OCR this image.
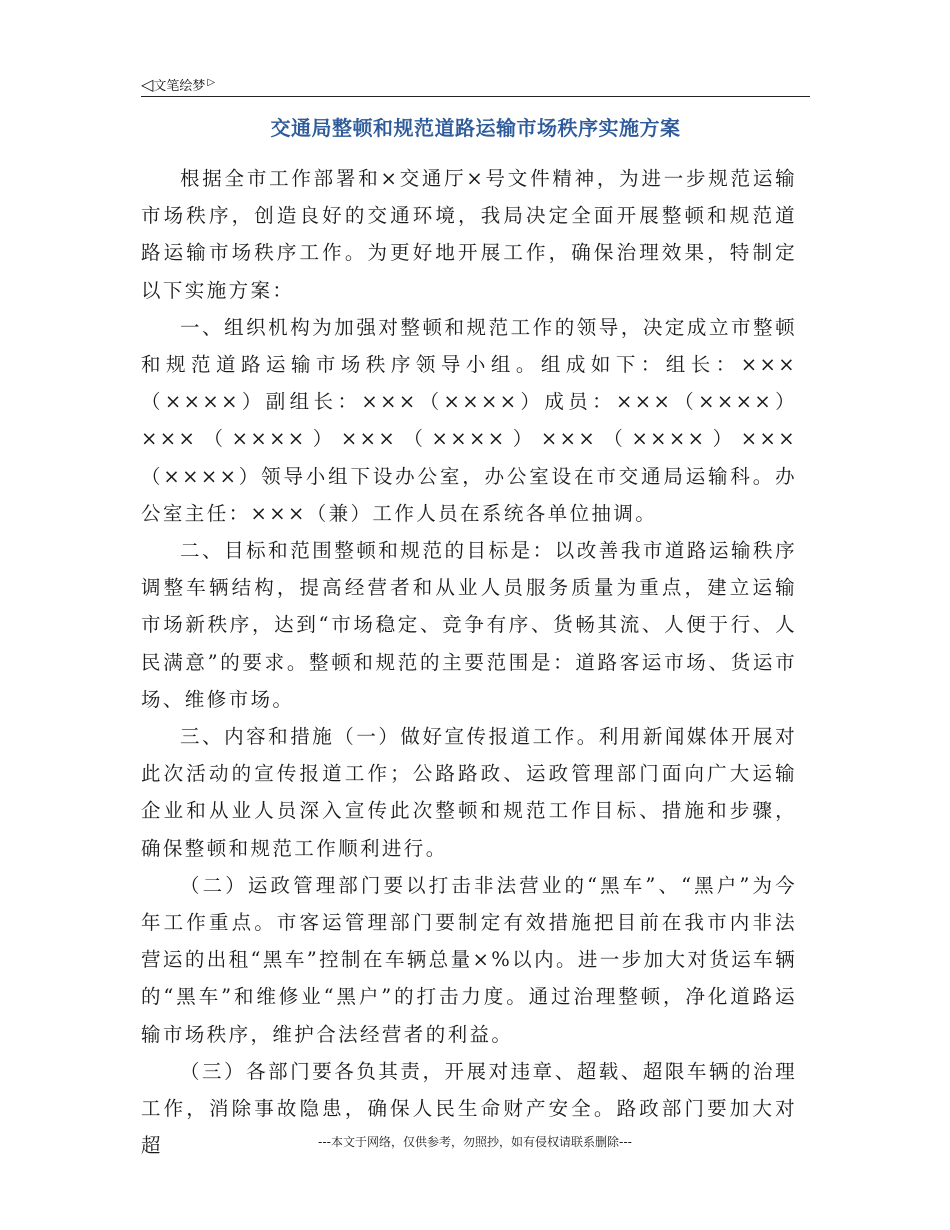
◁文笔绘梦 ▷
交通局整顿和规范道路运输市场秩序实施方案

根据全市工作部署和×交通厅×号文件精神，为进一步规范运输市场秩序，创造良好的交通环境，我局决定全面开展整顿和规范道路运输市场秩序工作。为更好地开展工作，确保治理效果，特制定以下实施方案：

一、组织机构为加强对整顿和规范工作的领导，决定成立市整顿和规范道路运输市场秩序领导小组。组成如下：组长：×××（××××）副组长：×××（××××）成员：×××（××××）×××（××××）×××（××××）×××（××××）×××（××××）领导小组下设办公室，办公室设在市交通局运输科。办公室主任：×××（兼）工作人员在系统各单位抽调。

二、目标和范围整顿和规范的目标是：以改善我市道路运输秩序调整车辆结构，提高经营者和从业人员服务质量为重点，建立运输市场新秩序，达到“市场稳定、竞争有序、货畅其流、人便于行、人民满意”的要求。整顿和规范的主要范围是：道路客运市场、货运市场、维修市场。

三、内容和措施（一）做好宣传报道工作。利用新闻媒体开展对此次活动的宣传报道工作；公路路政、运政管理部门面向广大运输企业和从业人员深入宣传此次整顿和规范工作目标、措施和步骤，确保整顿和规范工作顺利进行。

（二）运政管理部门要以打击非法营业的“黑车”、“黑户”为今年工作重点。市客运管理部门要制定有效措施把目前在我市内非法营运的出租“黑车”控制在车辆总量×%以内。进一步加大对货运车辆的“黑车”和维修业“黑户”的打击力度。通过治理整顿，净化道路运输市场秩序，维护合法经营者的利益。

（三）各部门要各负其责，开展对违章、超载、超限车辆的治理工作，消除事故隐患，确保人民生命财产安全。路政部门要加大对超	---本文于网络，仅供参考，勿照抄，如有侵权请联系删除---
